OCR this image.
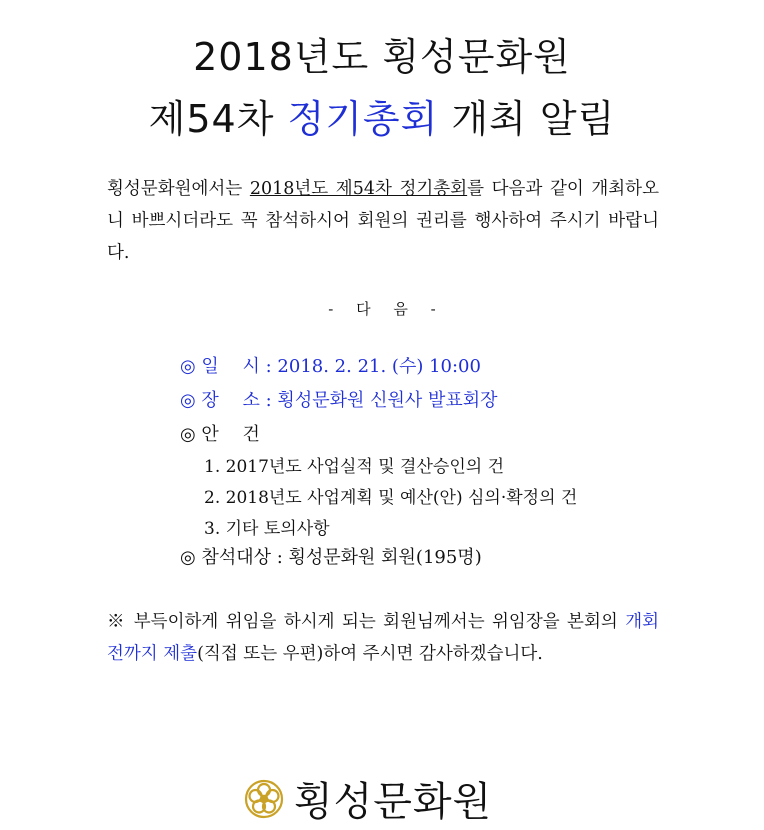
2018년도 횡성문화원
제54차 정기총회 개최 알림
횡성문화원에서는 2018년도 제54차 정기총회를 다음과 같이 개최하오니 바쁘시더라도 꼭 참석하시어 회원의 권리를 행사하여 주시기 바랍니다.
- 다 음 -
◎ 일　 시 : 2018. 2. 21. (수) 10:00
◎ 장　 소 : 횡성문화원 신원사 발표회장
◎ 안　 건
1. 2017년도 사업실적 및 결산승인의 건
2. 2018년도 사업계획 및 예산(안) 심의·확정의 건
3. 기타 토의사항
◎ 참석대상 : 횡성문화원 회원(195명)
※ 부득이하게 위임을 하시게 되는 회원님께서는 위임장을 본회의 개회 전까지 제출(직접 또는 우편)하여 주시면 감사하겠습니다.
횡성문화원
